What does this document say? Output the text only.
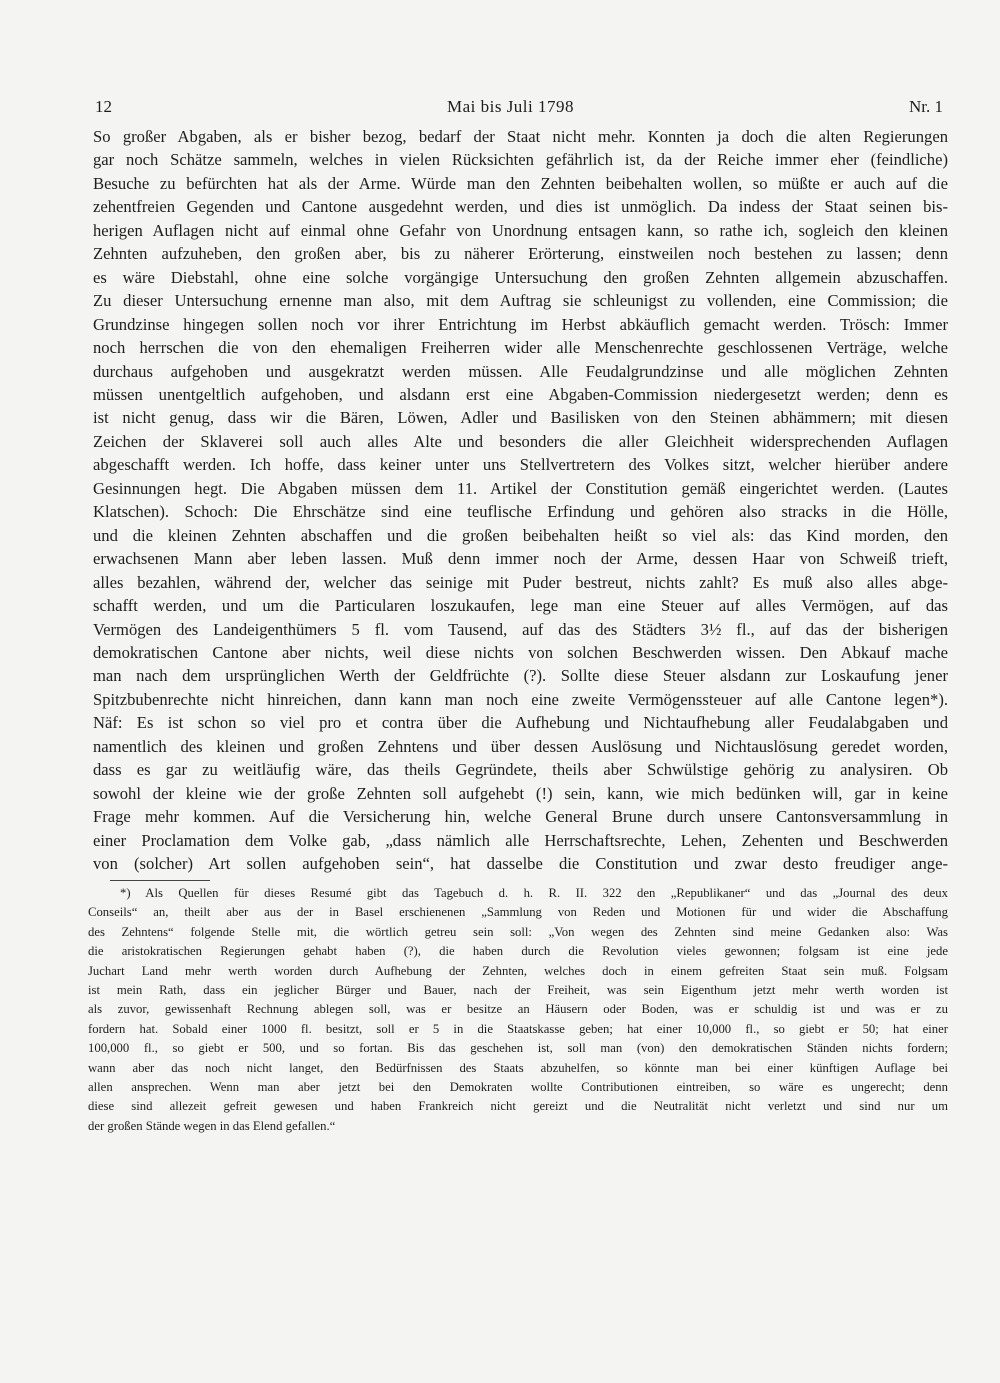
12	Mai bis Juli 1798	Nr. 1
So großer Abgaben, als er bisher bezog, bedarf der Staat nicht mehr. Konnten ja doch die alten Regierungen
gar noch Schätze sammeln, welches in vielen Rücksichten gefährlich ist, da der Reiche immer eher (feindliche)
Besuche zu befürchten hat als der Arme. Würde man den Zehnten beibehalten wollen, so müßte er auch auf die
zehentfreien Gegenden und Cantone ausgedehnt werden, und dies ist unmöglich. Da indess der Staat seinen bis-
herigen Auflagen nicht auf einmal ohne Gefahr von Unordnung entsagen kann, so rathe ich, sogleich den kleinen
Zehnten aufzuheben, den großen aber, bis zu näherer Erörterung, einstweilen noch bestehen zu lassen; denn
es wäre Diebstahl, ohne eine solche vorgängige Untersuchung den großen Zehnten allgemein abzuschaffen.
Zu dieser Untersuchung ernenne man also, mit dem Auftrag sie schleunigst zu vollenden, eine Commission; die
Grundzinse hingegen sollen noch vor ihrer Entrichtung im Herbst abkäuflich gemacht werden. Trösch: Immer
noch herrschen die von den ehemaligen Freiherren wider alle Menschenrechte geschlossenen Verträge, welche
durchaus aufgehoben und ausgekratzt werden müssen. Alle Feudalgrundzinse und alle möglichen Zehnten
müssen unentgeltlich aufgehoben, und alsdann erst eine Abgaben-Commission niedergesetzt werden; denn es
ist nicht genug, dass wir die Bären, Löwen, Adler und Basilisken von den Steinen abhämmern; mit diesen
Zeichen der Sklaverei soll auch alles Alte und besonders die aller Gleichheit widersprechenden Auflagen
abgeschafft werden. Ich hoffe, dass keiner unter uns Stellvertretern des Volkes sitzt, welcher hierüber andere
Gesinnungen hegt. Die Abgaben müssen dem 11. Artikel der Constitution gemäß eingerichtet werden. (Lautes
Klatschen). Schoch: Die Ehrschätze sind eine teuflische Erfindung und gehören also stracks in die Hölle,
und die kleinen Zehnten abschaffen und die großen beibehalten heißt so viel als: das Kind morden, den
erwachsenen Mann aber leben lassen. Muß denn immer noch der Arme, dessen Haar von Schweiß trieft,
alles bezahlen, während der, welcher das seinige mit Puder bestreut, nichts zahlt? Es muß also alles abge-
schafft werden, und um die Particularen loszukaufen, lege man eine Steuer auf alles Vermögen, auf das
Vermögen des Landeigenthümers 5 fl. vom Tausend, auf das des Städters 3½ fl., auf das der bisherigen
demokratischen Cantone aber nichts, weil diese nichts von solchen Beschwerden wissen. Den Abkauf mache
man nach dem ursprünglichen Werth der Geldfrüchte (?). Sollte diese Steuer alsdann zur Loskaufung jener
Spitzbubenrechte nicht hinreichen, dann kann man noch eine zweite Vermögenssteuer auf alle Cantone legen*).
Näf: Es ist schon so viel pro et contra über die Aufhebung und Nichtaufhebung aller Feudalabgaben und
namentlich des kleinen und großen Zehntens und über dessen Auslösung und Nichtauslösung geredet worden,
dass es gar zu weitläufig wäre, das theils Gegründete, theils aber Schwülstige gehörig zu analysiren. Ob
sowohl der kleine wie der große Zehnten soll aufgehebt (!) sein, kann, wie mich bedünken will, gar in keine
Frage mehr kommen. Auf die Versicherung hin, welche General Brune durch unsere Cantonsversammlung in
einer Proclamation dem Volke gab, „dass nämlich alle Herrschaftsrechte, Lehen, Zehenten und Beschwerden
von (solcher) Art sollen aufgehoben sein“, hat dasselbe die Constitution und zwar desto freudiger ange-
*) Als Quellen für dieses Resumé gibt das Tagebuch d. h. R. II. 322 den „Republikaner“ und das „Journal des deux
Conseils“ an, theilt aber aus der in Basel erschienenen „Sammlung von Reden und Motionen für und wider die Abschaffung
des Zehntens“ folgende Stelle mit, die wörtlich getreu sein soll: „Von wegen des Zehnten sind meine Gedanken also: Was
die aristokratischen Regierungen gehabt haben (?), die haben durch die Revolution vieles gewonnen; folgsam ist eine jede
Juchart Land mehr werth worden durch Aufhebung der Zehnten, welches doch in einem gefreiten Staat sein muß. Folgsam
ist mein Rath, dass ein jeglicher Bürger und Bauer, nach der Freiheit, was sein Eigenthum jetzt mehr werth worden ist
als zuvor, gewissenhaft Rechnung ablegen soll, was er besitze an Häusern oder Boden, was er schuldig ist und was er zu
fordern hat. Sobald einer 1000 fl. besitzt, soll er 5 in die Staatskasse geben; hat einer 10,000 fl., so giebt er 50; hat einer
100,000 fl., so giebt er 500, und so fortan. Bis das geschehen ist, soll man (von) den demokratischen Ständen nichts fordern;
wann aber das noch nicht langet, den Bedürfnissen des Staats abzuhelfen, so könnte man bei einer künftigen Auflage bei
allen ansprechen. Wenn man aber jetzt bei den Demokraten wollte Contributionen eintreiben, so wäre es ungerecht; denn
diese sind allezeit gefreit gewesen und haben Frankreich nicht gereizt und die Neutralität nicht verletzt und sind nur um
der großen Stände wegen in das Elend gefallen.“
